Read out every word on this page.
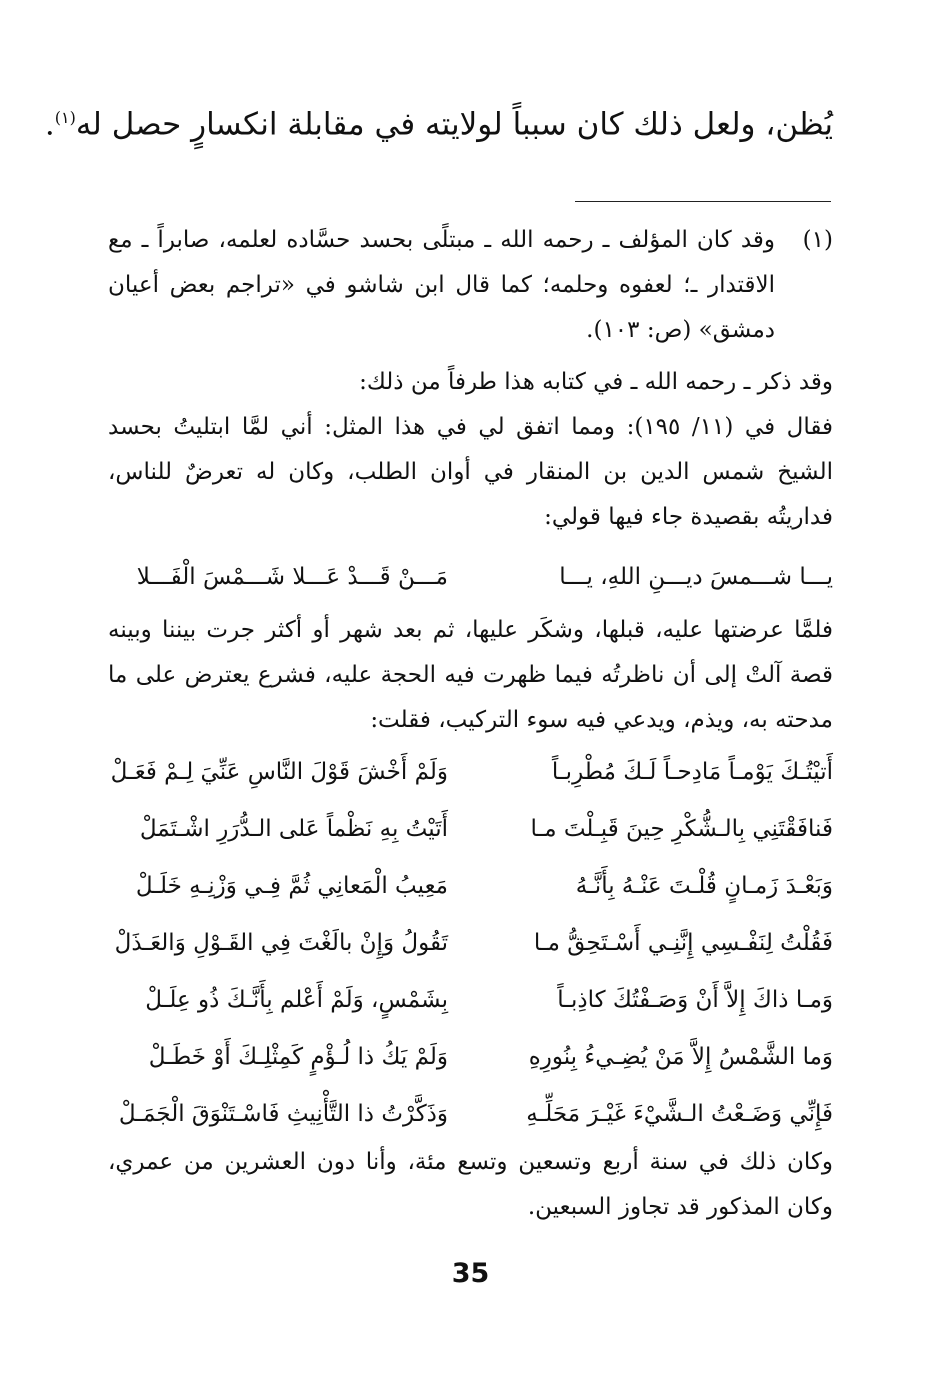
يُظن، ولعل ذلك كان سبباً لولايته في مقابلة انكسارٍ حصل له$^{(١)}$.
(١)
وقد كان المؤلف ـ رحمه الله ـ مبتلًى بحسد حسَّاده لعلمه، صابراً ـ مع الاقتدار ـ؛ لعفوه وحلمه؛ كما قال ابن شاشو في «تراجم بعض أعيان دمشق» (ص: ١٠٣).
وقد ذكر ـ رحمه الله ـ في كتابه هذا طرفاً من ذلك:
فقال في (١١/ ١٩٥): ومما اتفق لي في هذا المثل: أني لمَّا ابتليتُ بحسد الشيخ شمس الدين بن المنقار في أوان الطلب، وكان له تعرضٌ للناس، فداريتُه بقصيدة جاء فيها قولي:
يـــا شـــمسَ ديـــنِ اللهِ، يـــا
مَـــنْ قَـــدْ عَـــلا شَـــمْسَ الْفَـــلا
فلمَّا عرضتها عليه، قبلها، وشكَر عليها، ثم بعد شهر أو أكثر جرت بيننا وبينه قصة آلتْ إلى أن ناظرتُه فيما ظهرت فيه الحجة عليه، فشرع يعترض على ما مدحته به، ويذم، ويدعي فيه سوء التركيب، فقلت:
أَتيْتُـكَ يَوْمـاً مَادِحـاً لَـكَ مُطْرِبـاً
وَلَمْ أَخْشَ قَوْلَ النَّاسِ عَنِّيَ لِـمْ فَعَـلْ
فَنافَقْتَنِي بِالـشُّكْرِ حِينَ قَبِـلْتَ مـا
أَتَيْتُ بِهِ نَظْماً عَلى الـدُّرَرِ اشْـتَمَلْ
وَبَعْـدَ زَمـانٍ قُلْـتَ عَنْـهُ بِأَنَّـهُ
مَعِيبُ الْمَعانِي ثُمَّ فِـي وَزْنِـهِ خَلَـلْ
فَقُلْتُ لِنَفْـسِي إِنَّنِـي أَسْـتَحِقُّ مـا
تَقُولُ وَإِنْ بالَغْتَ فِي القَـوْلِ وَالعَـذَلْ
وَمـا ذاكَ إِلاَّ أَنْ وَصَـفْتُكَ كاذِبـاً
بِشَمْسٍ، وَلَمْ أَعْلم بِأَنَّـكَ ذُو عِلَـلْ
وَما الشَّمْسُ إِلاَّ مَنْ يُضِـيءُ بِنُورِهِ
وَلَمْ يَكُ ذا لُـؤْمٍ كَمِثْلِـكَ أَوْ خَطَـلْ
فَإِنِّي وَضَـعْتُ الـشَّيْءَ غَيْـرَ مَحَلِّـهِ
وَذَكَّرْتُ ذا التَّأْنِيثِ فَاسْـتَنْوَقَ الْجَمَـلْ
وكان ذلك في سنة أربع وتسعين وتسع مئة، وأنا دون العشرين من عمري، وكان المذكور قد تجاوز السبعين.
35
